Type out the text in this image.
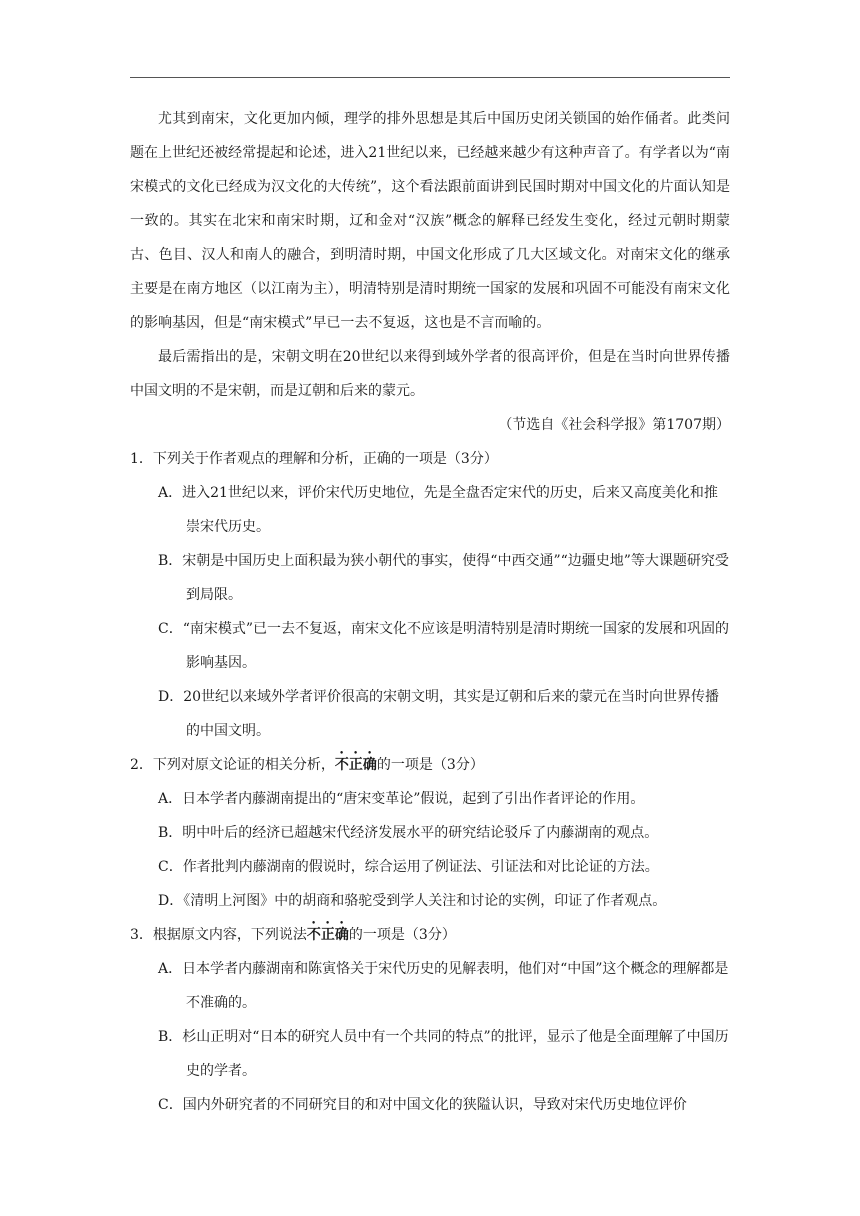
尤其到南宋，文化更加内倾，理学的排外思想是其后中国历史闭关锁国的始作俑者。此类问题在上世纪还被经常提起和论述，进入21世纪以来，已经越来越少有这种声音了。有学者以为“南宋模式的文化已经成为汉文化的大传统”，这个看法跟前面讲到民国时期对中国文化的片面认知是一致的。其实在北宋和南宋时期，辽和金对“汉族”概念的解释已经发生变化，经过元朝时期蒙古、色目、汉人和南人的融合，到明清时期，中国文化形成了几大区域文化。对南宋文化的继承主要是在南方地区（以江南为主），明清特别是清时期统一国家的发展和巩固不可能没有南宋文化的影响基因，但是“南宋模式”早已一去不复返，这也是不言而喻的。

最后需指出的是，宋朝文明在20世纪以来得到域外学者的很高评价，但是在当时向世界传播中国文明的不是宋朝，而是辽朝和后来的蒙元。

（节选自《社会科学报》第1707期）

1．下列关于作者观点的理解和分析，正确的一项是（3分）

A．进入21世纪以来，评价宋代历史地位，先是全盘否定宋代的历史，后来又高度美化和推崇宋代历史。

B．宋朝是中国历史上面积最为狭小朝代的事实，使得“中西交通”“边疆史地”等大课题研究受到局限。

C．“南宋模式”已一去不复返，南宋文化不应该是明清特别是清时期统一国家的发展和巩固的影响基因。

D．20世纪以来域外学者评价很高的宋朝文明，其实是辽朝和后来的蒙元在当时向世界传播的中国文明。

2．下列对原文论证的相关分析，不正确的一项是（3分）

A．日本学者内藤湖南提出的“唐宋变革论”假说，起到了引出作者评论的作用。

B．明中叶后的经济已超越宋代经济发展水平的研究结论驳斥了内藤湖南的观点。

C．作者批判内藤湖南的假说时，综合运用了例证法、引证法和对比论证的方法。

D．《清明上河图》中的胡商和骆驼受到学人关注和讨论的实例，印证了作者观点。

3．根据原文内容，下列说法不正确的一项是（3分）

A．日本学者内藤湖南和陈寅恪关于宋代历史的见解表明，他们对“中国”这个概念的理解都是不准确的。

B．杉山正明对“日本的研究人员中有一个共同的特点”的批评，显示了他是全面理解了中国历史的学者。

C．国内外研究者的不同研究目的和对中国文化的狭隘认识，导致对宋代历史地位评价
